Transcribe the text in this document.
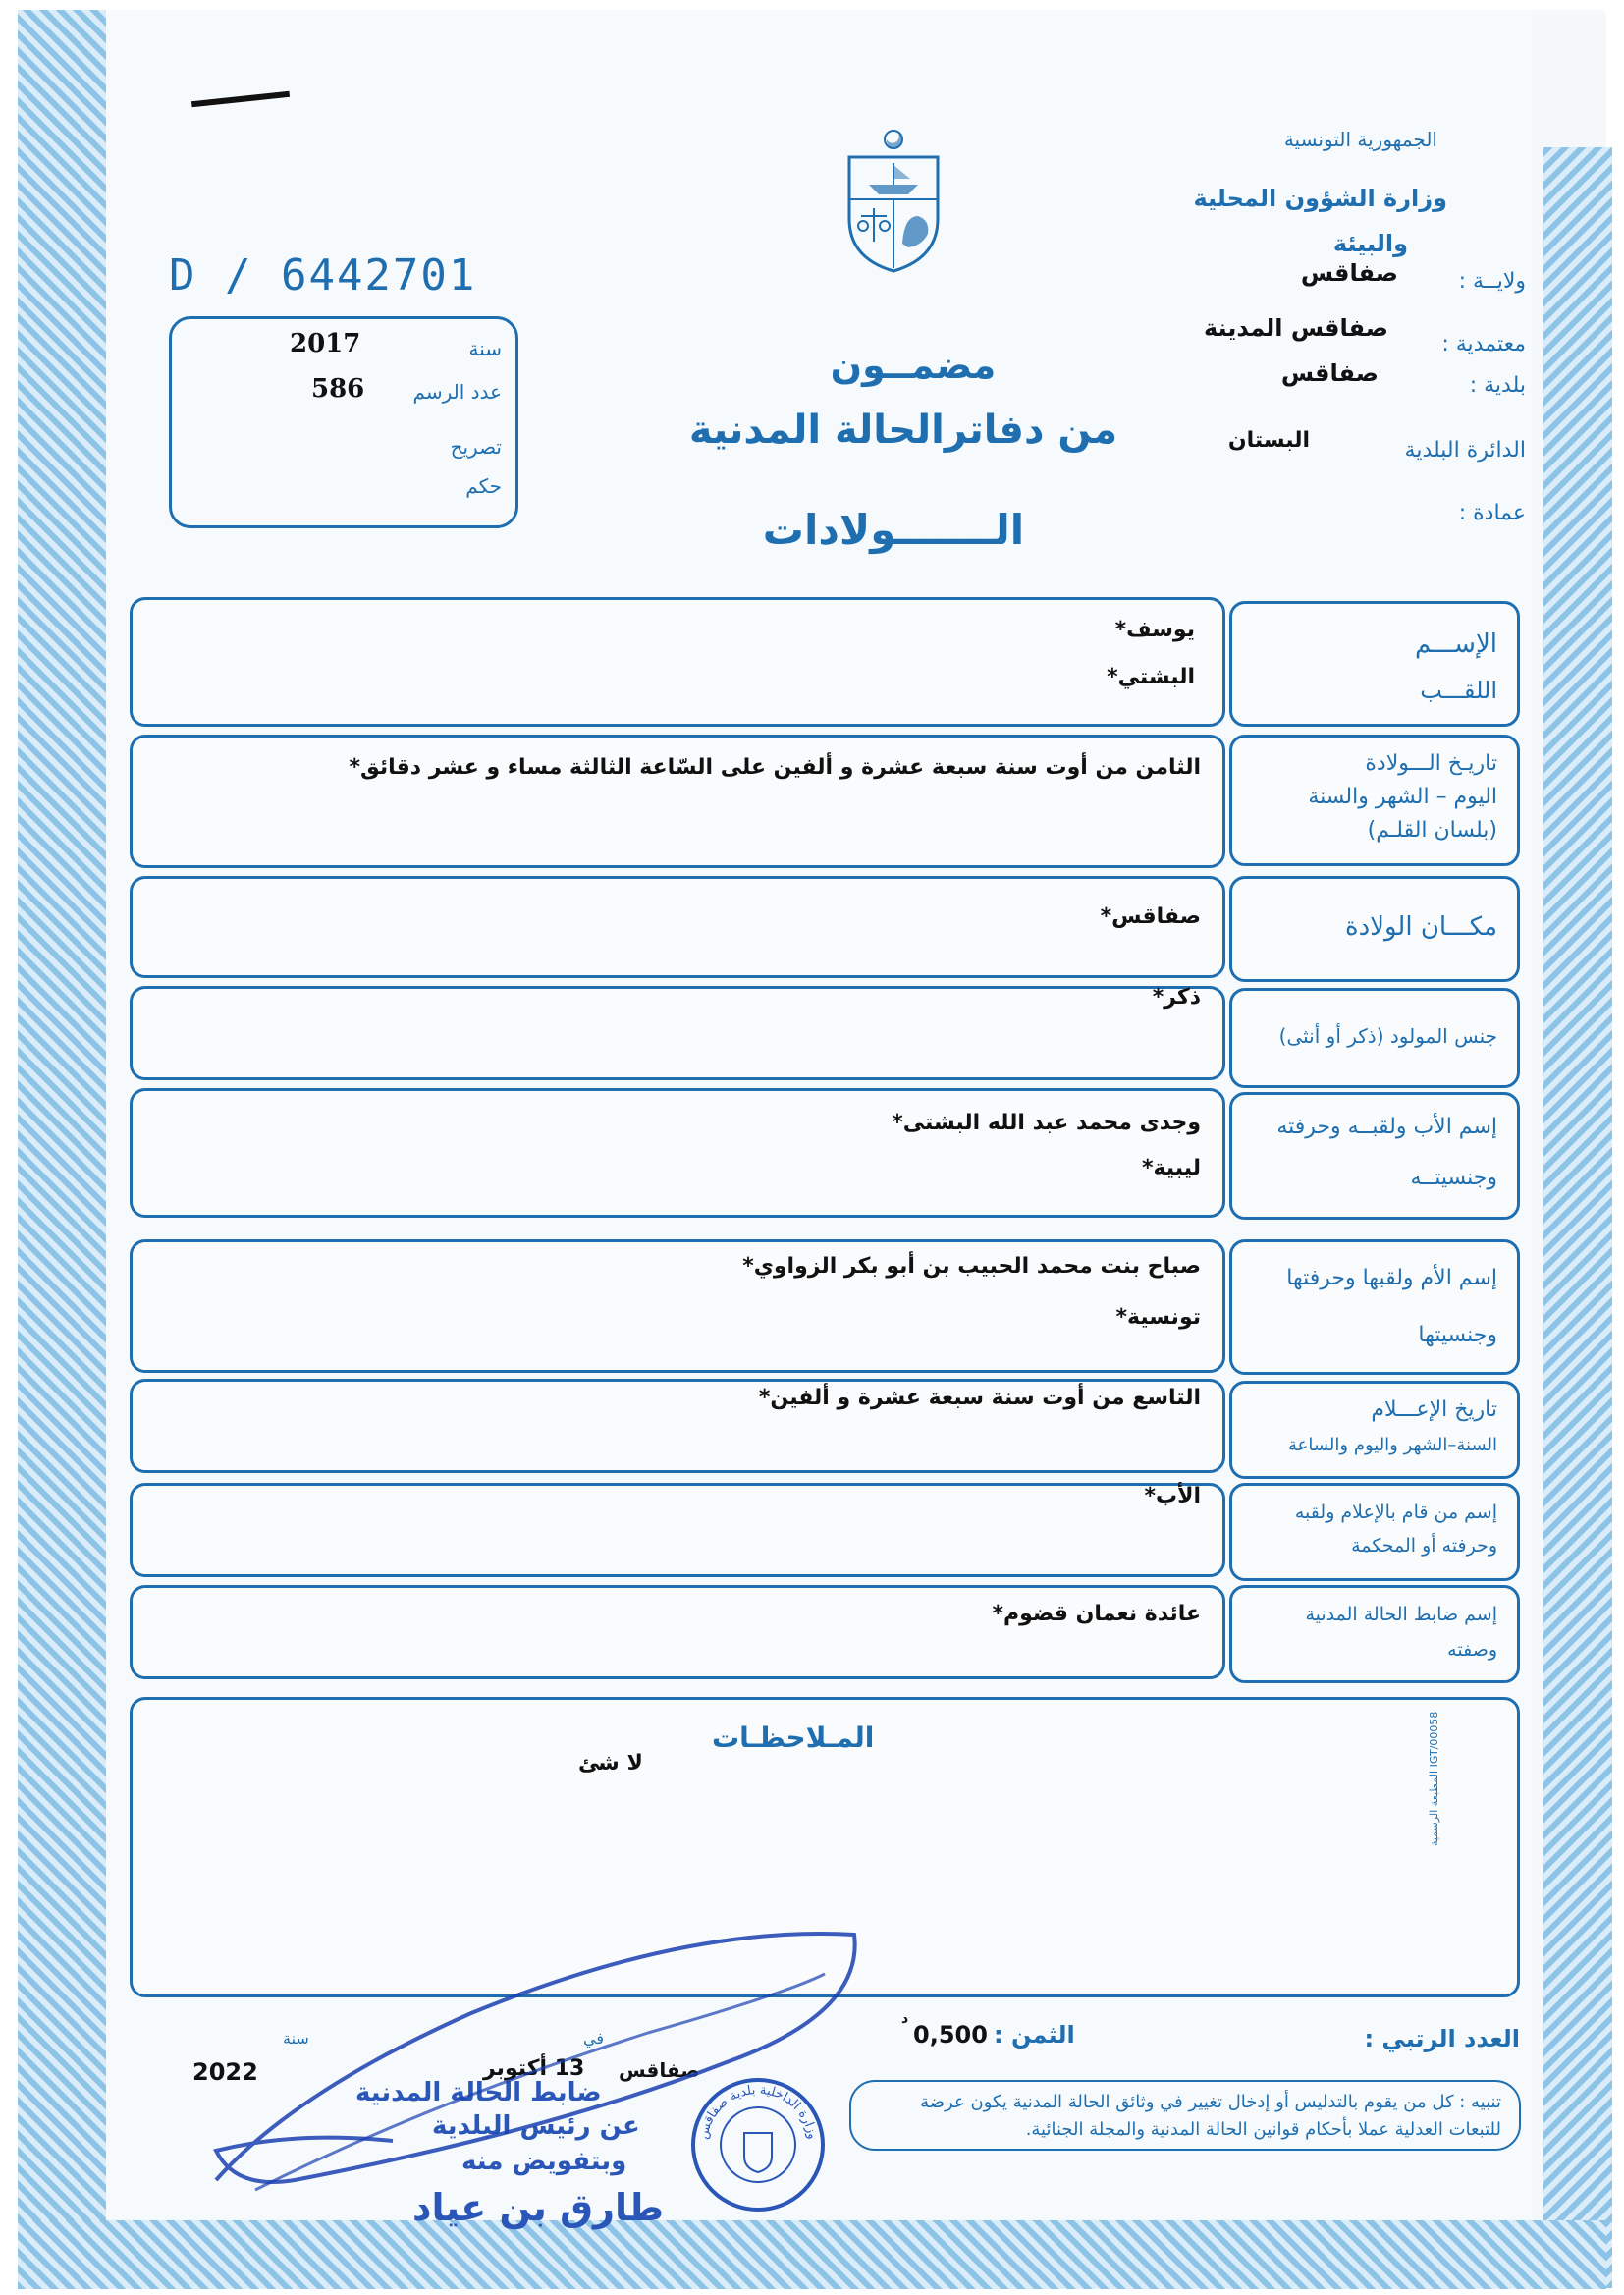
D / 6442701
سنة
2017
عدد الرسم
586
تصريح
حكم
الجمهورية التونسية
وزارة الشؤون المحلية
والبيئة
ولايــة :
صفاقس
معتمدية :
صفاقس المدينة
بلدية :
صفاقس
الدائرة البلدية
البستان
عمادة :
مضمــون
من دفاترالحالة المدنية
الـــــــولادات
الإســـم
اللقـــب
يوسف*
البشتي*
تاريـخ الـــولادة
اليوم – الشهر والسنة
(بلسان القلـم)
الثامن من أوت سنة سبعة عشرة و ألفين على السّاعة الثالثة مساء و عشر دقائق*
مكـــان الولادة
صفاقس*
جنس المولود (ذكر أو أنثى)
ذكر*
إسم الأب ولقبــه وحرفته
وجنسيتــه
وجدى محمد عبد الله البشتى*
ليبية*
إسم الأم ولقبها وحرفتها
وجنسيتها
صباح بنت محمد الحبيب بن أبو بكر الزواوي*
تونسية*
تاريخ الإعـــلام
السنة–الشهر واليوم والساعة
التاسع من أوت سنة سبعة عشرة و ألفين*
إسم من قام بالإعلام ولقبه
وحرفته أو المحكمة
الأب*
إسم ضابط الحالة المدنية
وصفته
عائدة نعمان قضوم*
المـلاحظـات
لا شئ
المطبعة الرسمية IGT/00058
العدد الرتبي :
الثمن :
0,500
د
سنة
2022
في
13 أكتوبر صفاقس
ضابط الحالة المدنية
عن رئيس البلدية
وبتفويض منه
طارق بن عياد
وزارة الداخلية بلدية صفاقس
تنبيه : كل من يقوم بالتدليس أو إدخال تغيير في وثائق الحالة المدنية يكون عرضة
للتبعات العدلية عملا بأحكام قوانين الحالة المدنية والمجلة الجنائية.
